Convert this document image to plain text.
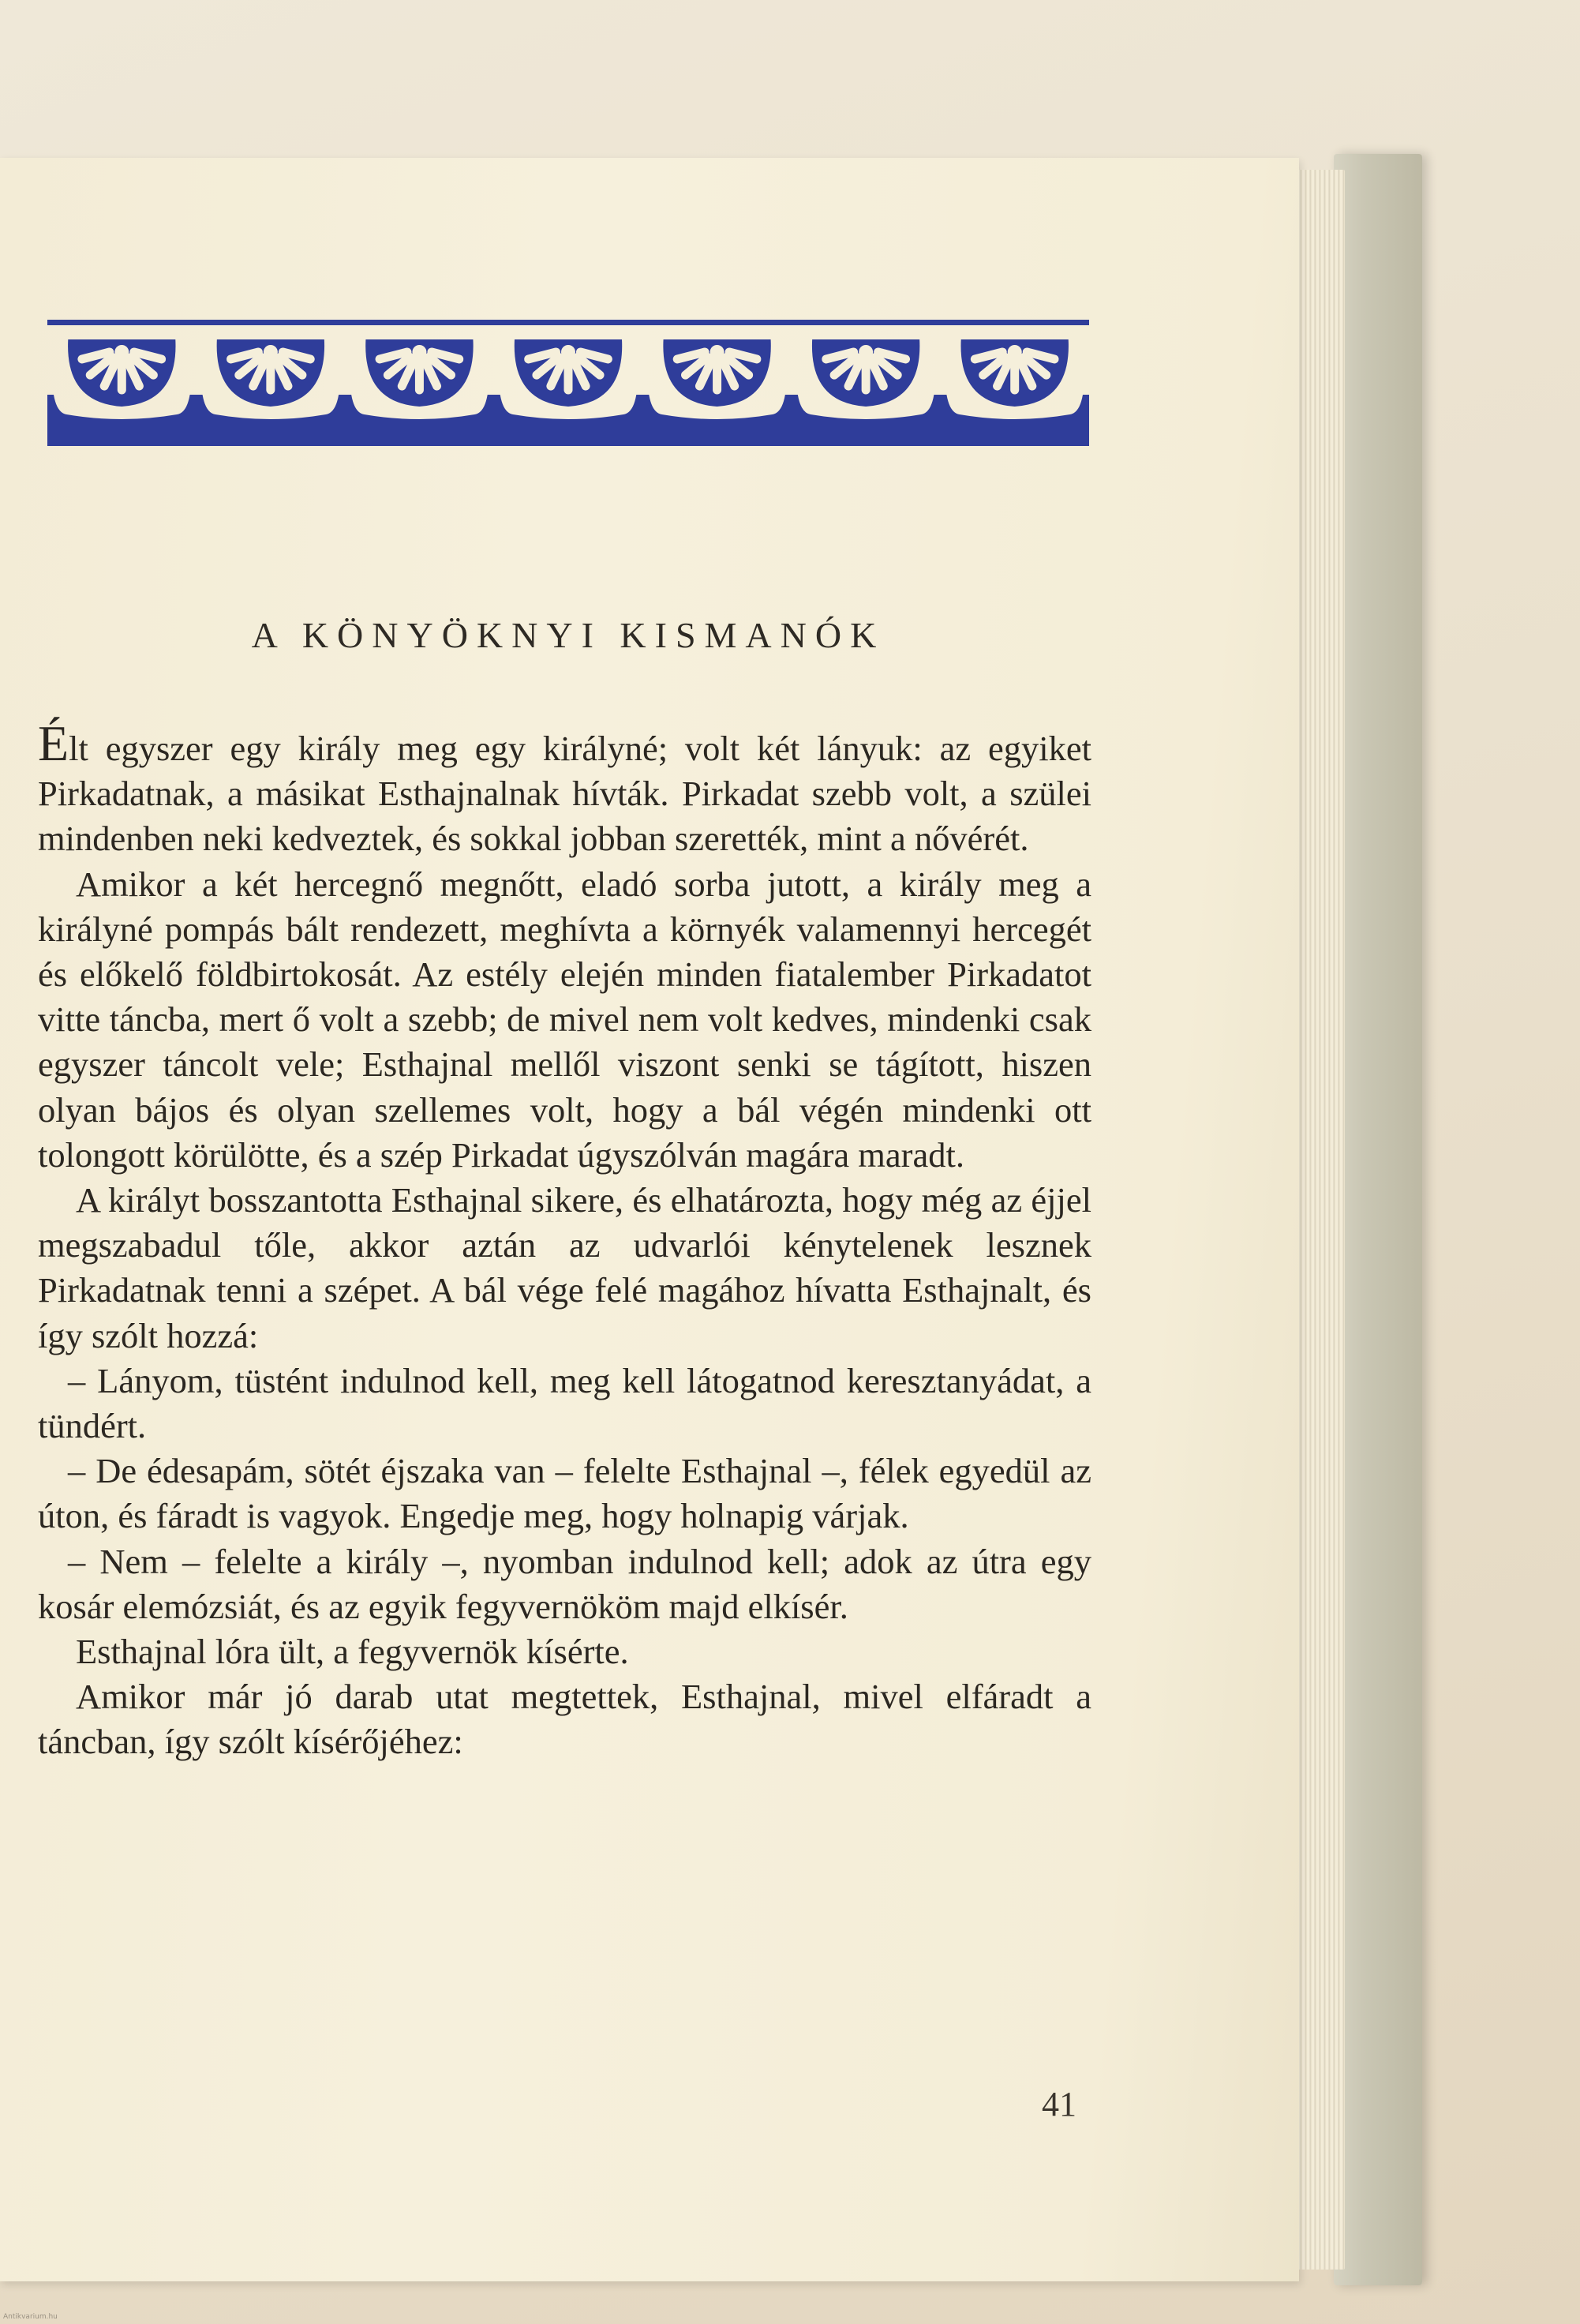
A KÖNYÖKNYI KISMANÓK

Élt egyszer egy király meg egy királyné; volt két lányuk: az egyiket Pirkadatnak, a másikat Esthajnalnak hívták. Pirkadat szebb volt, a szülei mindenben neki kedveztek, és sokkal jobban szerették, mint a nővérét.

Amikor a két hercegnő megnőtt, eladó sorba jutott, a király meg a királyné pompás bált rendezett, meghívta a környék valamennyi hercegét és előkelő földbirtokosát. Az estély elején minden fiatalember Pirkadatot vitte táncba, mert ő volt a szebb; de mivel nem volt kedves, mindenki csak egyszer táncolt vele; Esthajnal mellől viszont senki se tágított, hiszen olyan bájos és olyan szellemes volt, hogy a bál végén mindenki ott tolongott körülötte, és a szép Pirkadat úgyszólván magára maradt.

A királyt bosszantotta Esthajnal sikere, és elhatározta, hogy még az éjjel megszabadul tőle, akkor aztán az udvarlói kénytelenek lesznek Pirkadatnak tenni a szépet. A bál vége felé magához hívatta Esthajnalt, és így szólt hozzá:

– Lányom, tüstént indulnod kell, meg kell látogatnod keresztanyádat, a tündért.

– De édesapám, sötét éjszaka van – felelte Esthajnal –, félek egyedül az úton, és fáradt is vagyok. Engedje meg, hogy holnapig várjak.

– Nem – felelte a király –, nyomban indulnod kell; adok az útra egy kosár elemózsiát, és az egyik fegyvernököm majd elkísér.

Esthajnal lóra ült, a fegyvernök kísérte.

Amikor már jó darab utat megtettek, Esthajnal, mivel elfáradt a táncban, így szólt kísérőjéhez:

41
Antikvarium.hu
